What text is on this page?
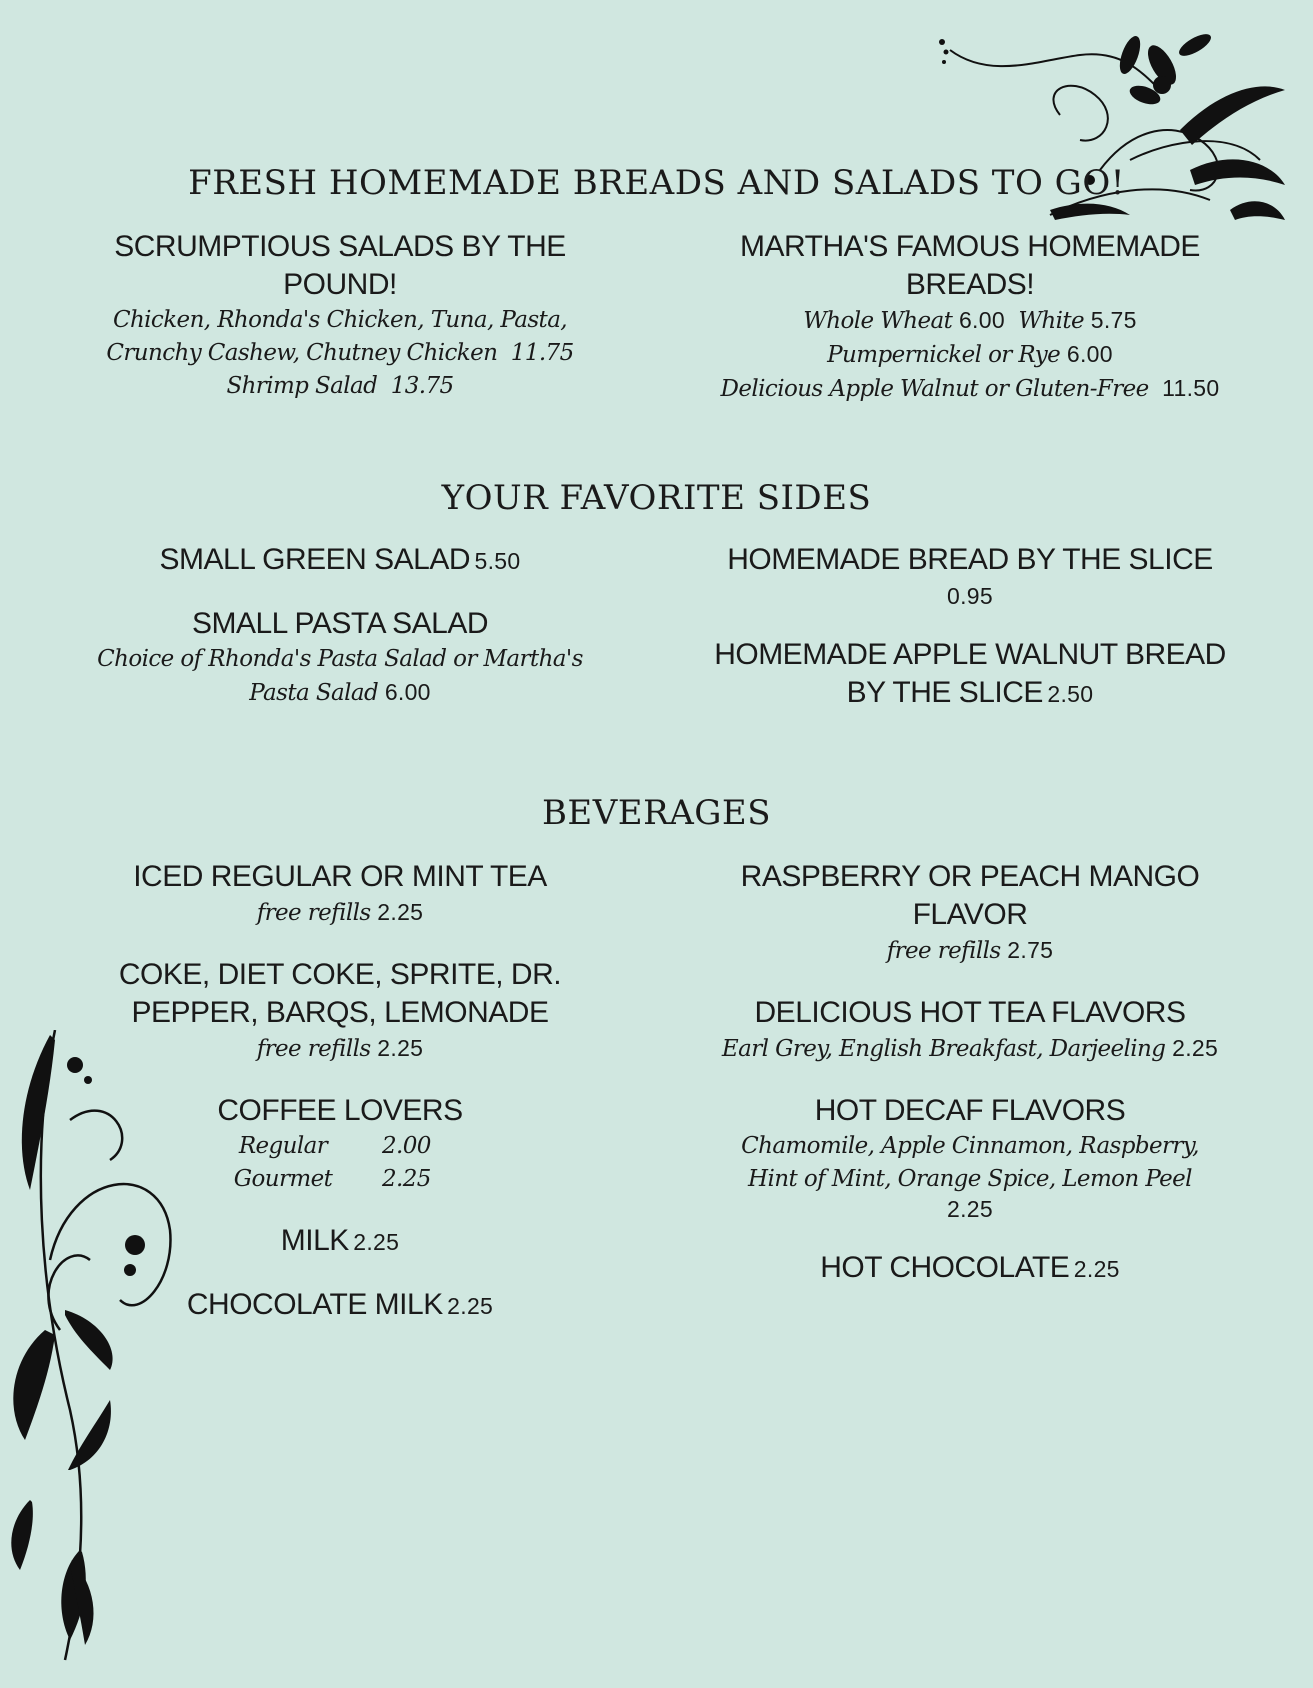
FRESH HOMEMADE BREADS AND SALADS TO GO!
SCRUMPTIOUS SALADS BY THE POUND!
Chicken, Rhonda's Chicken, Tuna, Pasta,
Crunchy Cashew, Chutney Chicken 11.75
Shrimp Salad 13.75
MARTHA'S FAMOUS HOMEMADE BREADS!
Whole Wheat 6.00 White 5.75
Pumpernickel or Rye 6.00
Delicious Apple Walnut or Gluten-Free 11.50
YOUR FAVORITE SIDES
SMALL GREEN SALAD 5.50
SMALL PASTA SALAD
Choice of Rhonda's Pasta Salad or Martha's
Pasta Salad 6.00
HOMEMADE BREAD BY THE SLICE
0.95
HOMEMADE APPLE WALNUT BREAD
BY THE SLICE 2.50
BEVERAGES
ICED REGULAR OR MINT TEA
free refills 2.25
COKE, DIET COKE, SPRITE, DR.
PEPPER, BARQS, LEMONADE
free refills 2.25
COFFEE LOVERS
Regular	2.00
Gourmet 2.25
MILK 2.25
CHOCOLATE MILK 2.25
RASPBERRY OR PEACH MANGO
FLAVOR
free refills 2.75
DELICIOUS HOT TEA FLAVORS
Earl Grey, English Breakfast, Darjeeling 2.25
HOT DECAF FLAVORS
Chamomile, Apple Cinnamon, Raspberry,
Hint of Mint, Orange Spice, Lemon Peel
2.25
HOT CHOCOLATE 2.25
